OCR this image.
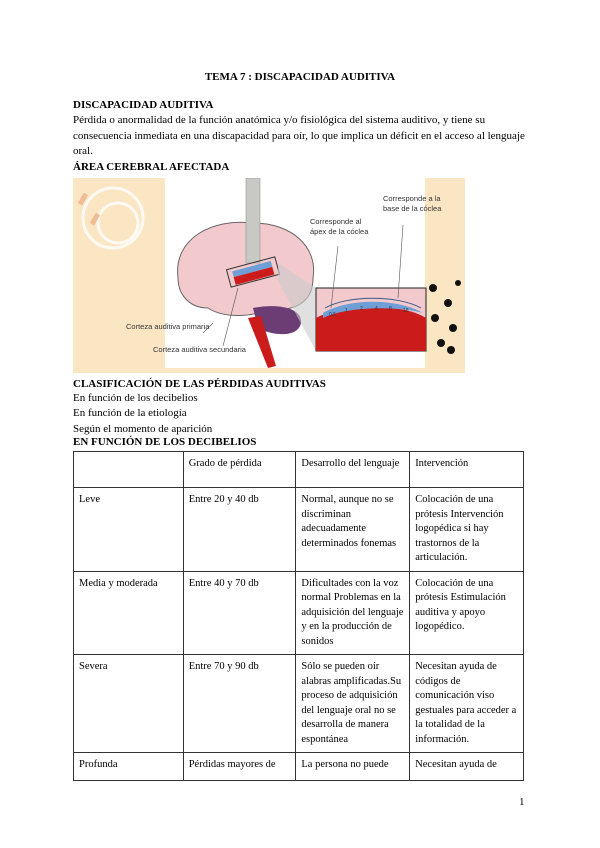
TEMA 7 : DISCAPACIDAD AUDITIVA
DISCAPACIDAD AUDITIVA
Pérdida o anormalidad de la función anatómica y/o fisiológica del sistema auditivo, y tiene su consecuencia inmediata en una discapacidad para oír, lo que implica un déficit en el acceso al lenguaje oral.
ÁREA CEREBRAL AFECTADA
0.5
1 2 4 8 16
Corresponde a la
base de la cóclea
Corresponde al
ápex de la cóclea
Corteza auditiva primaria
Corteza auditiva secundaria
CLASIFICACIÓN DE LAS PÉRDIDAS AUDITIVAS
En función de los decibelios
En función de la etiología
Según el momento de aparición
EN FUNCIÓN DE LOS DECIBELIOS
	Grado de pérdida	Desarrollo del lenguaje	Intervención
Leve	Entre 20 y 40 db	Normal, aunque no se discriminan adecuadamente determinados fonemas	Colocación de una prótesis Intervención logopédica si hay trastornos de la articulación.
Media y moderada	Entre 40 y 70 db	Dificultades con la voz normal Problemas en la adquisición del lenguaje y en la producción de sonidos	Colocación de una prótesis Estimulación auditiva y apoyo logopédico.
Severa	Entre 70 y 90 db	Sólo se pueden oír alabras amplificadas.Su proceso de adquisición del lenguaje oral no se desarrolla de manera espontánea	Necesitan ayuda de códigos de comunicación viso gestuales para acceder a la totalidad de la información.
Profunda	Pérdidas mayores de	La persona no puede	Necesitan ayuda de
1
